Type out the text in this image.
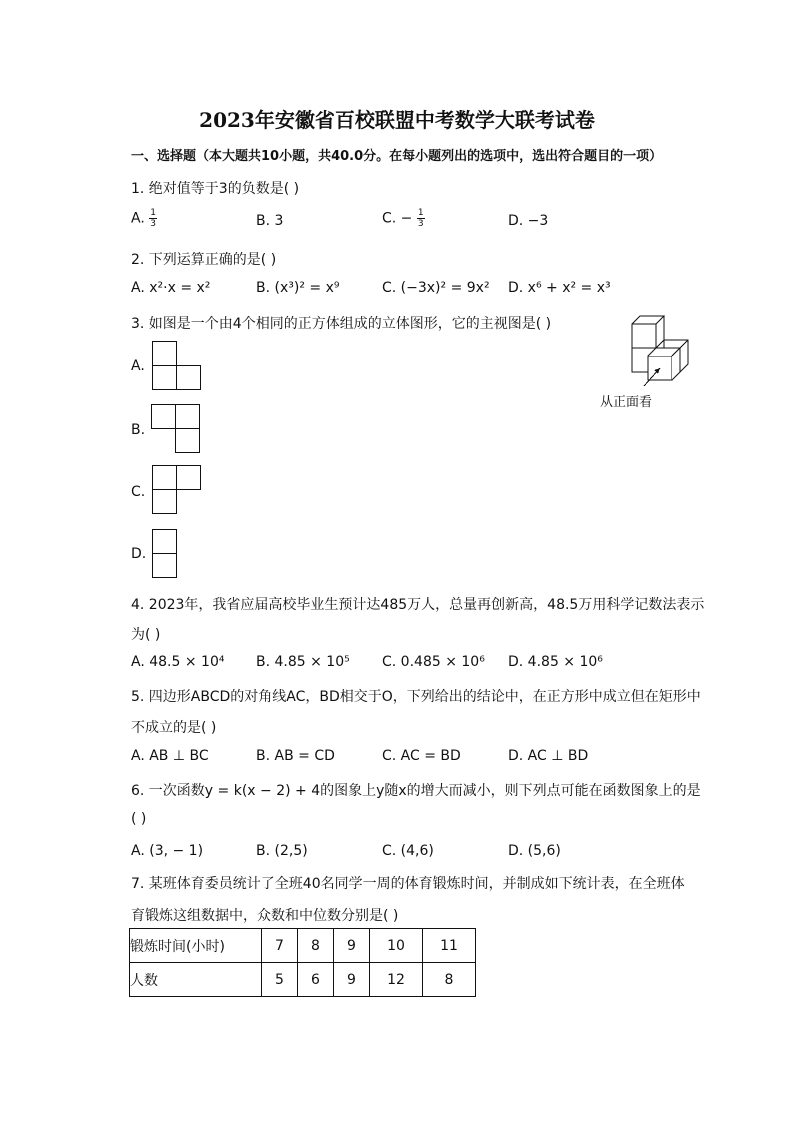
2023年安徽省百校联盟中考数学大联考试卷
一、选择题（本大题共10小题，共40.0分。在每小题列出的选项中，选出符合题目的一项）
1. 绝对值等于3的负数是( )
A. $\frac{1}{3}$	B. 3	C. − $\frac{1}{3}$	D. −3
2. 下列运算正确的是( )
A. x²·x = x²	B. (x³)² = x⁹	C. (−3x)² = 9x² D. x⁶ + x² = x³
3. 如图是一个由4个相同的正方体组成的立体图形，它的主视图是( )
从正面看
A.
B.
C.
D.
4. 2023年，我省应届高校毕业生预计达485万人，总量再创新高，48.5万用科学记数法表示
为( )
A. 48.5 × 10⁴ B. 4.85 × 10⁵ C. 0.485 × 10⁶ D. 4.85 × 10⁶
5. 四边形ABCD的对角线AC，BD相交于O，下列给出的结论中，在正方形中成立但在矩形中
不成立的是( )
A. AB ⊥ BC	B. AB = CD	C. AC = BD	D. AC ⊥ BD
6. 一次函数y = k(x − 2) + 4的图象上y随x的增大而减小，则下列点可能在函数图象上的是
( )
A. (3, − 1)	B. (2,5)	C. (4,6)	D. (5,6)
7. 某班体育委员统计了全班40名同学一周的体育锻炼时间，并制成如下统计表，在全班体
育锻炼这组数据中，众数和中位数分别是( )
锻炼时间(小时)	7	8	9	10	11
人数	5	6	9	12	8
